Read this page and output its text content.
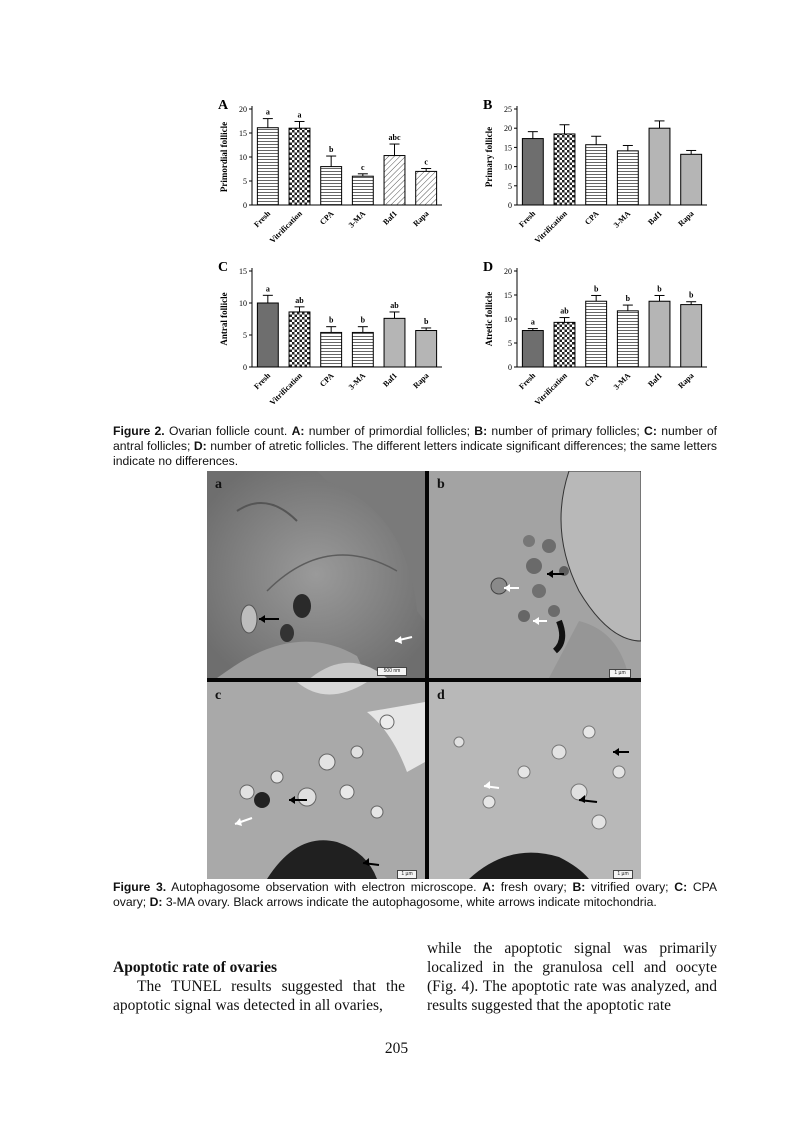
A
Primordial follicle
0
5
10
15
20 a
Fresh
a
Vitrification
b
CPA
c
3-MA
abc
Baf1
c
Rapa
B
Primary follicle
0
5
10
15
20
25
Fresh
Vitrification CPA 3-MA Baf1 Rapa
C
Antral follicle
0
5
10
15
a
Fresh
ab
Vitrification
b
CPA
b
3-MA
ab
Baf1
b
Rapa
D
Atretic follicle
0
5
10
15
20
a
Fresh
ab
Vitrification
b
CPA
b
3-MA
b
Baf1
b
Rapa
Figure 2. Ovarian follicle count. A: number of primordial follicles; B: number of primary follicles; C: number of antral follicles; D: number of atretic follicles. The different letters indicate significant differences; the same letters indicate no differences.
a
500 nm
b
1 µm
c
1 µm
d
1 µm
Figure 3. Autophagosome observation with electron microscope. A: fresh ovary; B: vitrified ovary; C: CPA ovary; D: 3-MA ovary. Black arrows indicate the autophagosome, white arrows indicate mitochondria.
Apoptotic rate of ovaries
The TUNEL results suggested that the apoptotic signal was detected in all ovaries,
while the apoptotic signal was primarily localized in the granulosa cell and oocyte (Fig. 4). The apoptotic rate was analyzed, and results suggested that the apoptotic rate
205
